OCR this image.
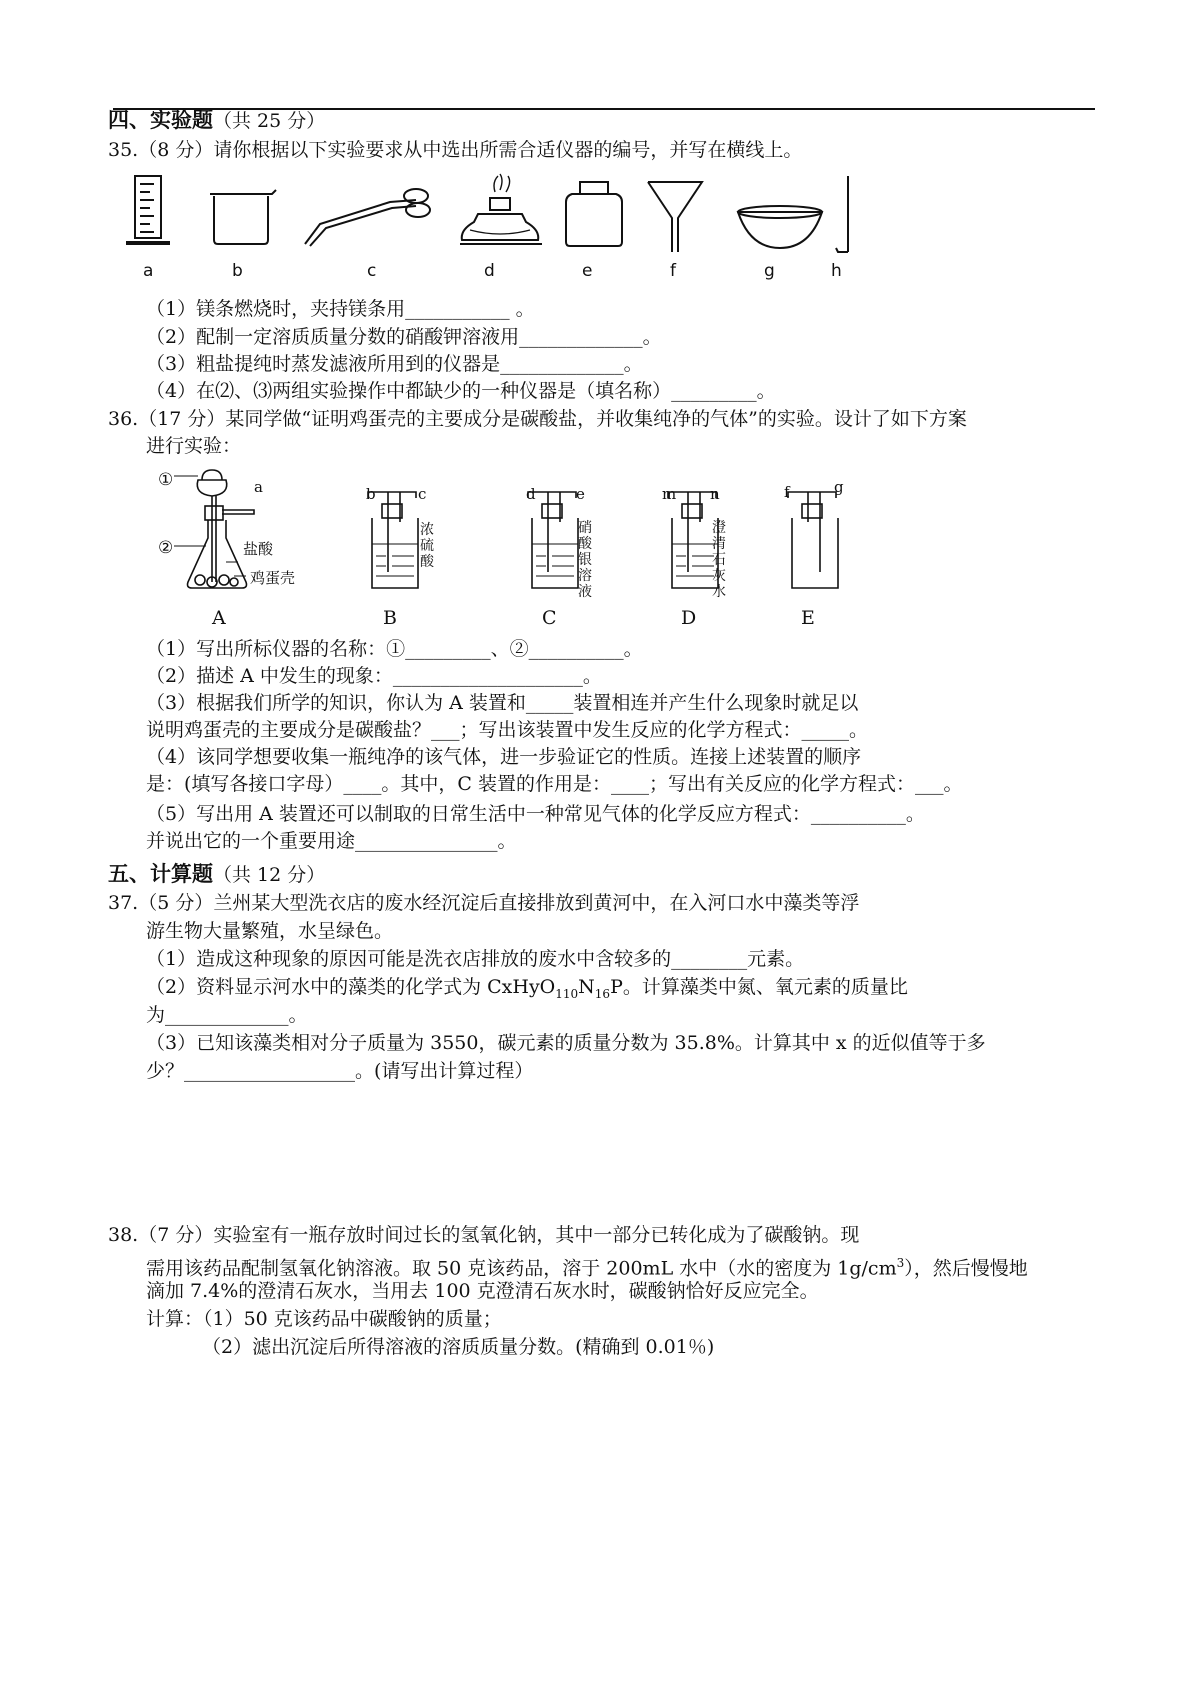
四、实验题（共 25 分）
35.（8 分）请你根据以下实验要求从中选出所需合适仪器的编号，并写在横线上。
a	b	c	d	e	f	g	h
（1）镁条燃烧时，夹持镁条用___________ 。
（2）配制一定溶质质量分数的硝酸钾溶液用_____________。
（3）粗盐提纯时蒸发滤液所用到的仪器是_____________。
（4）在⑵、⑶两组实验操作中都缺少的一种仪器是（填名称）_________。
36.（17 分）某同学做“证明鸡蛋壳的主要成分是碳酸盐，并收集纯净的气体”的实验。设计了如下方案
进行实验：
①	a
②	盐酸
鸡蛋壳
b	c
浓
硫
酸
d	e
硝
酸
银
溶
液
m n
澄
清
石
灰
水
f	g
A	B	C	D	E
（1）写出所标仪器的名称：①_________、②__________。
（2）描述 A 中发生的现象：____________________。
（3）根据我们所学的知识，你认为 A 装置和_____装置相连并产生什么现象时就足以
说明鸡蛋壳的主要成分是碳酸盐？___；写出该装置中发生反应的化学方程式：_____。
（4）该同学想要收集一瓶纯净的该气体，进一步验证它的性质。连接上述装置的顺序
是：(填写各接口字母）____。其中，C 装置的作用是：____；写出有关反应的化学方程式：___。
（5）写出用 A 装置还可以制取的日常生活中一种常见气体的化学反应方程式：__________。
并说出它的一个重要用途_______________。
五、计算题（共 12 分）
37.（5 分）兰州某大型洗衣店的废水经沉淀后直接排放到黄河中，在入河口水中藻类等浮
游生物大量繁殖，水呈绿色。
（1）造成这种现象的原因可能是洗衣店排放的废水中含较多的________元素。
（2）资料显示河水中的藻类的化学式为 $CxHyO_{110}N_{16}P$。计算藻类中氮、氧元素的质量比
为_____________。
（3）已知该藻类相对分子质量为 3550，碳元素的质量分数为 35.8%。计算其中 x 的近似值等于多
少？__________________。(请写出计算过程）
38.（7 分）实验室有一瓶存放时间过长的氢氧化钠，其中一部分已转化成为了碳酸钠。现
需用该药品配制氢氧化钠溶液。取 50 克该药品，溶于 200mL 水中（水的密度为 $1g/cm^3$），然后慢慢地
滴加 7.4%的澄清石灰水，当用去 100 克澄清石灰水时，碳酸钠恰好反应完全。
计算：（1）50 克该药品中碳酸钠的质量；
（2）滤出沉淀后所得溶液的溶质质量分数。(精确到 0.01％)
